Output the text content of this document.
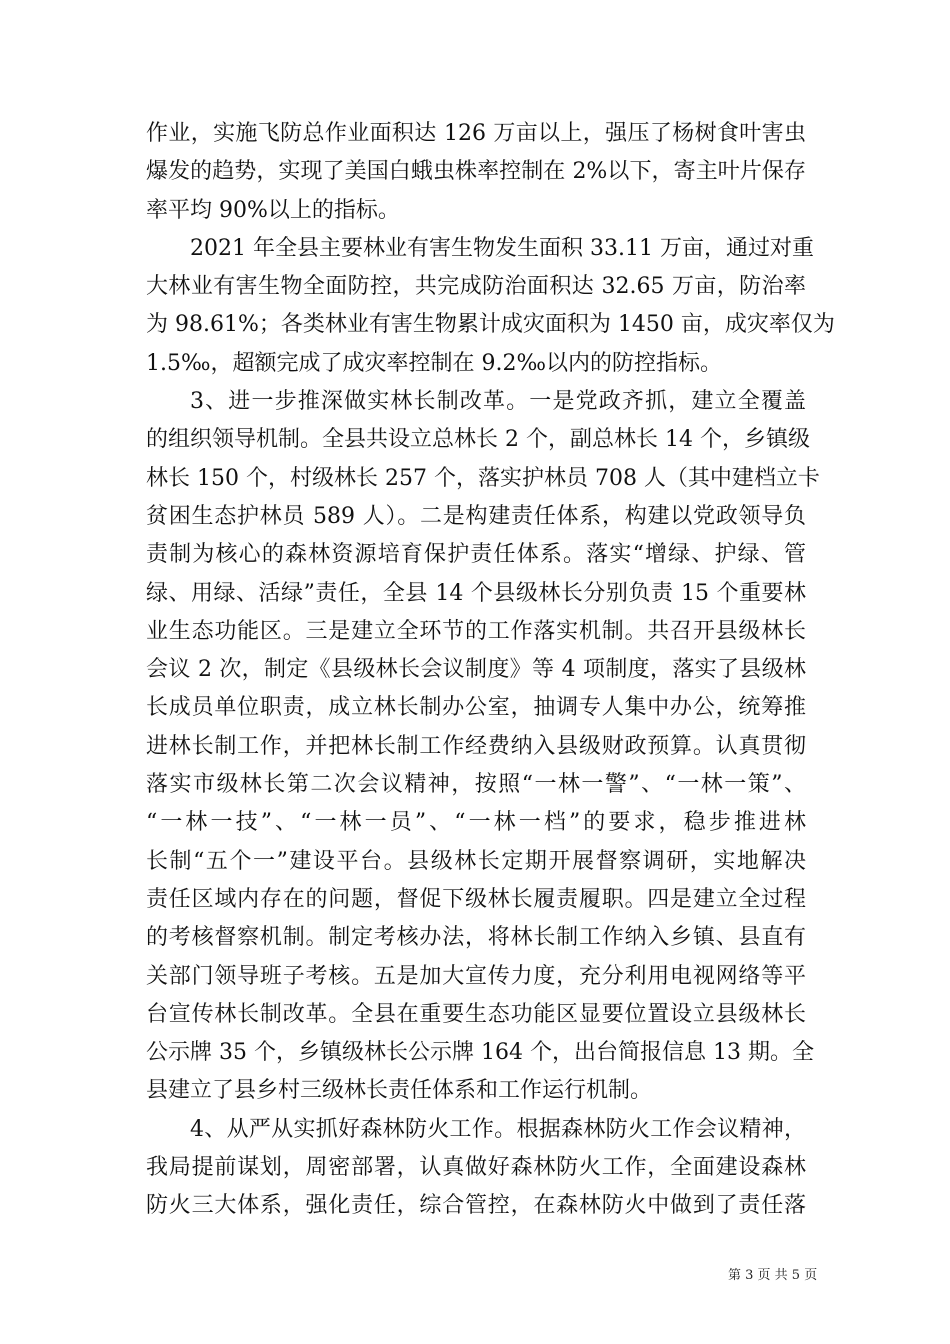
作业，实施飞防总作业面积达 126 万亩以上，强压了杨树食叶害虫
爆发的趋势，实现了美国白蛾虫株率控制在 2%以下，寄主叶片保存
率平均 90%以上的指标。
2021 年全县主要林业有害生物发生面积 33.11 万亩，通过对重
大林业有害生物全面防控，共完成防治面积达 32.65 万亩，防治率
为 98.61%；各类林业有害生物累计成灾面积为 1450 亩，成灾率仅为
1.5‰，超额完成了成灾率控制在 9.2‰以内的防控指标。
3、进一步推深做实林长制改革。一是党政齐抓，建立全覆盖
的组织领导机制。全县共设立总林长 2 个，副总林长 14 个，乡镇级
林长 150 个，村级林长 257 个，落实护林员 708 人（其中建档立卡
贫困生态护林员 589 人）。二是构建责任体系，构建以党政领导负
责制为核心的森林资源培育保护责任体系。落实“增绿、护绿、管
绿、用绿、活绿”责任，全县 14 个县级林长分别负责 15 个重要林
业生态功能区。三是建立全环节的工作落实机制。共召开县级林长
会议 2 次，制定《县级林长会议制度》等 4 项制度，落实了县级林
长成员单位职责，成立林长制办公室，抽调专人集中办公，统筹推
进林长制工作，并把林长制工作经费纳入县级财政预算。认真贯彻
落实市级林长第二次会议精神，按照“一林一警”、“一林一策”、
“一林一技”、“一林一员”、“一林一档”的要求，稳步推进林
长制“五个一”建设平台。县级林长定期开展督察调研，实地解决
责任区域内存在的问题，督促下级林长履责履职。四是建立全过程
的考核督察机制。制定考核办法，将林长制工作纳入乡镇、县直有
关部门领导班子考核。五是加大宣传力度，充分利用电视网络等平
台宣传林长制改革。全县在重要生态功能区显要位置设立县级林长
公示牌 35 个，乡镇级林长公示牌 164 个，出台简报信息 13 期。全
县建立了县乡村三级林长责任体系和工作运行机制。
4、从严从实抓好森林防火工作。根据森林防火工作会议精神，
我局提前谋划，周密部署，认真做好森林防火工作，全面建设森林
防火三大体系，强化责任，综合管控，在森林防火中做到了责任落
第 3 页 共 5 页
